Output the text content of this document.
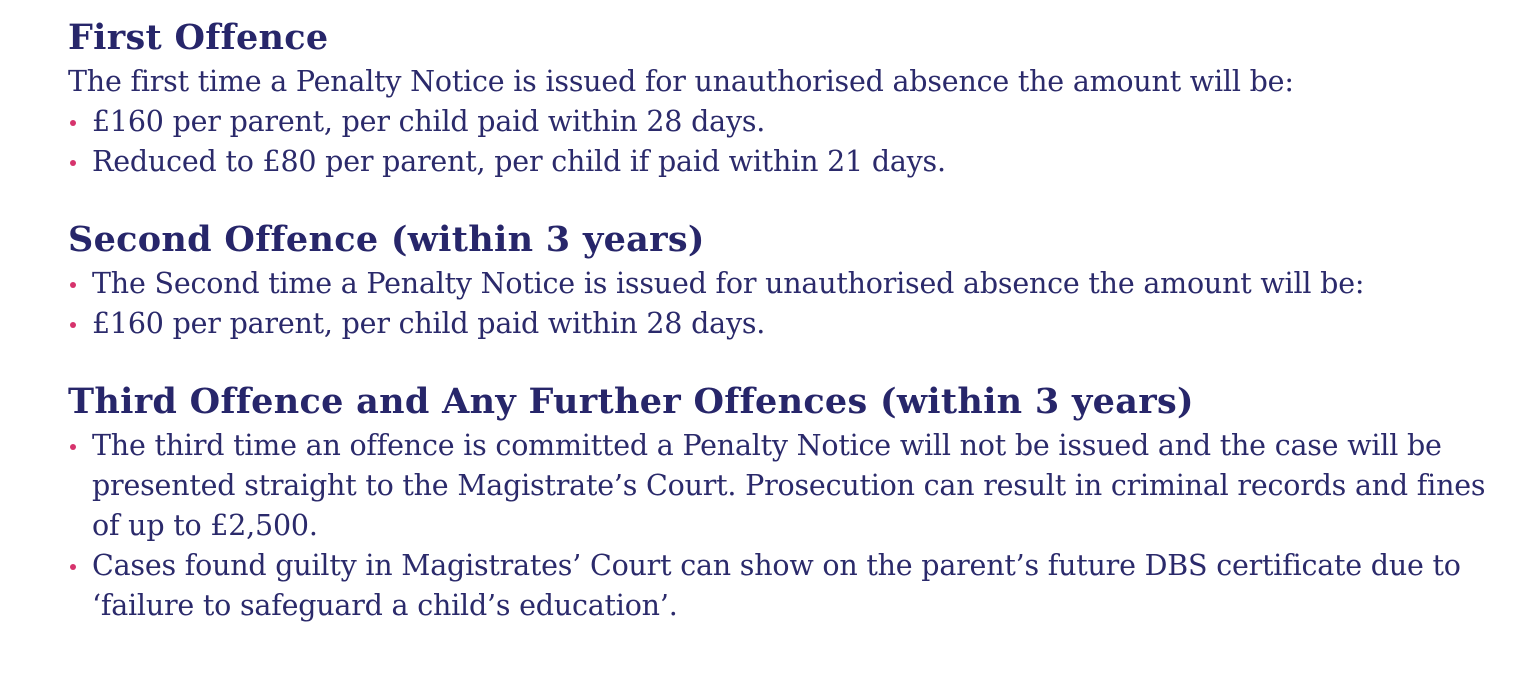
First Offence

The first time a Penalty Notice is issued for unauthorised absence the amount will be:

£160 per parent, per child paid within 28 days.
Reduced to £80 per parent, per child if paid within 21 days.
Second Offence (within 3 years)
The Second time a Penalty Notice is issued for unauthorised absence the amount will be:
£160 per parent, per child paid within 28 days.
Third Offence and Any Further Offences (within 3 years)
The third time an offence is committed a Penalty Notice will not be issued and the case will be presented straight to the Magistrate’s Court. Prosecution can result in criminal records and fines of up to £2,500.
Cases found guilty in Magistrates’ Court can show on the parent’s future DBS certificate due to ‘failure to safeguard a child’s education’.
